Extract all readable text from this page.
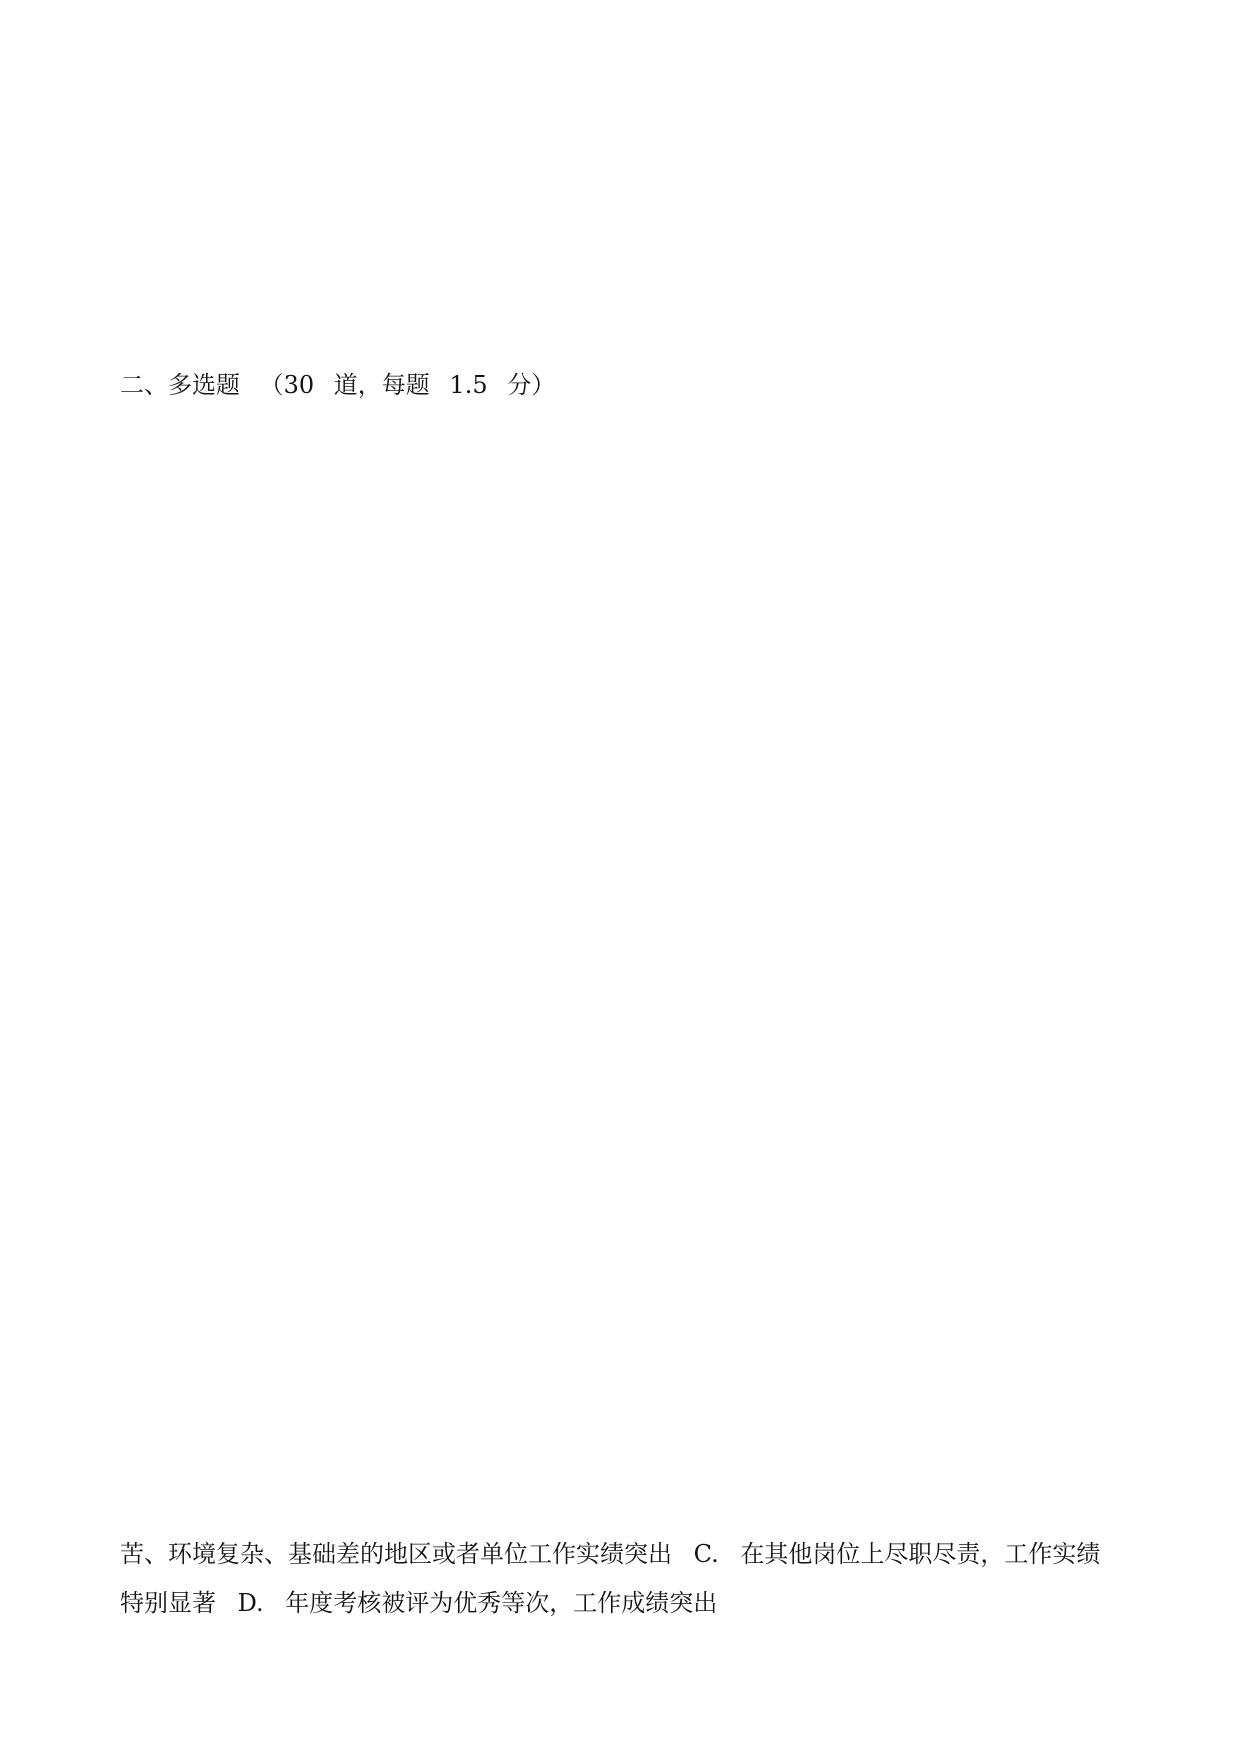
二、多选题 （30 道，每题 1.5 分）

苦、环境复杂、基础差的地区或者单位工作实绩突出 C. 在其他岗位上尽职尽责，工作实绩
特别显著 D. 年度考核被评为优秀等次，工作成绩突出
